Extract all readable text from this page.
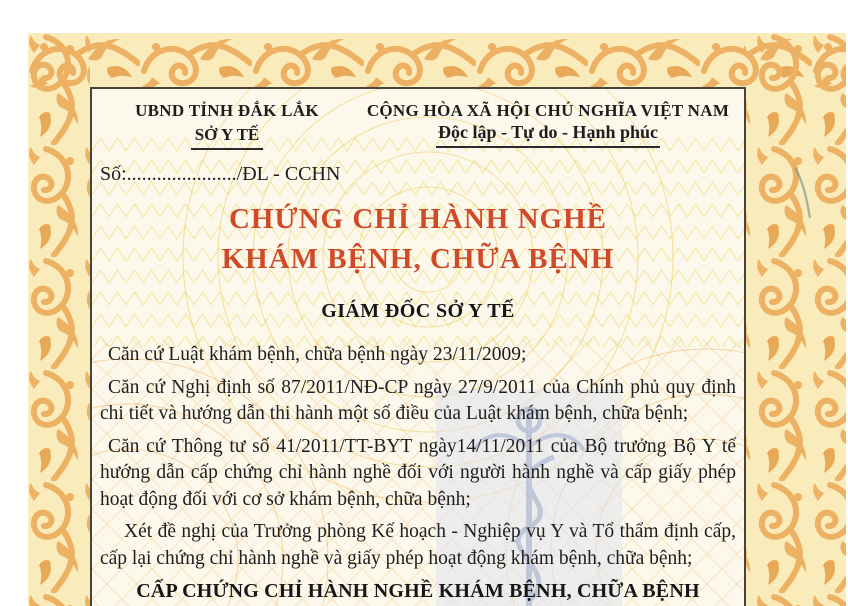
UBND TỈNH ĐẮK LẮK
SỞ Y TẾ
CỘNG HÒA XÃ HỘI CHỦ NGHĨA VIỆT NAM
Độc lập - Tự do - Hạnh phúc
Số:....................../ĐL - CCHN
CHỨNG CHỈ HÀNH NGHỀ
KHÁM BỆNH, CHỮA BỆNH
GIÁM ĐỐC SỞ Y TẾ

Căn cứ Luật khám bệnh, chữa bệnh ngày 23/11/2009;

Căn cứ Nghị định số 87/2011/NĐ-CP ngày 27/9/2011 của Chính phủ quy định chi tiết và hướng dẫn thi hành một số điều của Luật khám bệnh, chữa bệnh;

Căn cứ Thông tư số 41/2011/TT-BYT ngày14/11/2011 của Bộ trưởng Bộ Y tế hướng dẫn cấp chứng chỉ hành nghề đối với người hành nghề và cấp giấy phép hoạt động đối với cơ sở khám bệnh, chữa bệnh;

Xét đề nghị của Trưởng phòng Kế hoạch - Nghiệp vụ Y và Tổ thẩm định cấp, cấp lại chứng chỉ hành nghề và giấy phép hoạt động khám bệnh, chữa bệnh;

CẤP CHỨNG CHỈ HÀNH NGHỀ KHÁM BỆNH, CHỮA BỆNH
